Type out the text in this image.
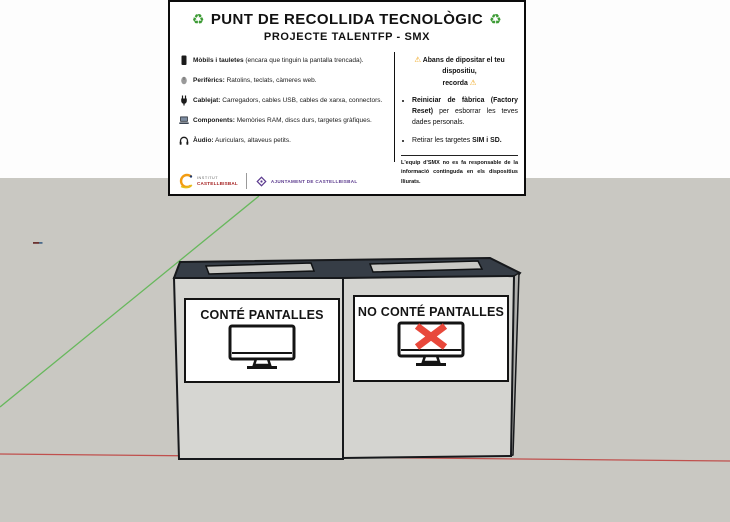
CONTÉ PANTALLES	NO CONTÉ PANTALLES
♻ PUNT DE RECOLLIDA TECNOLÒGIC ♻
PROJECTE TALENTFP - SMX
Mòbils i tauletes (encara que tinguin la pantalla trencada).
Perifèrics: Ratolins, teclats, càmeres web.
Cablejat: Carregadors, cables USB, cables de xarxa, connectors.
Components: Memòries RAM, discs durs, targetes gràfiques.
Àudio: Auriculars, altaveus petits.
⚠ Abans de dipositar el teu dispositiu,
recorda ⚠
• Reiniciar de fàbrica (Factory Reset) per esborrar les teves dades personals.
• Retirar les targetes SIM i SD.
L'equip d'SMX no es fa responsable de la informació continguda en els dispositius lliurats.
INSTITUT
CASTELLBISBAL	AJUNTAMENT DE CASTELLBISBAL
